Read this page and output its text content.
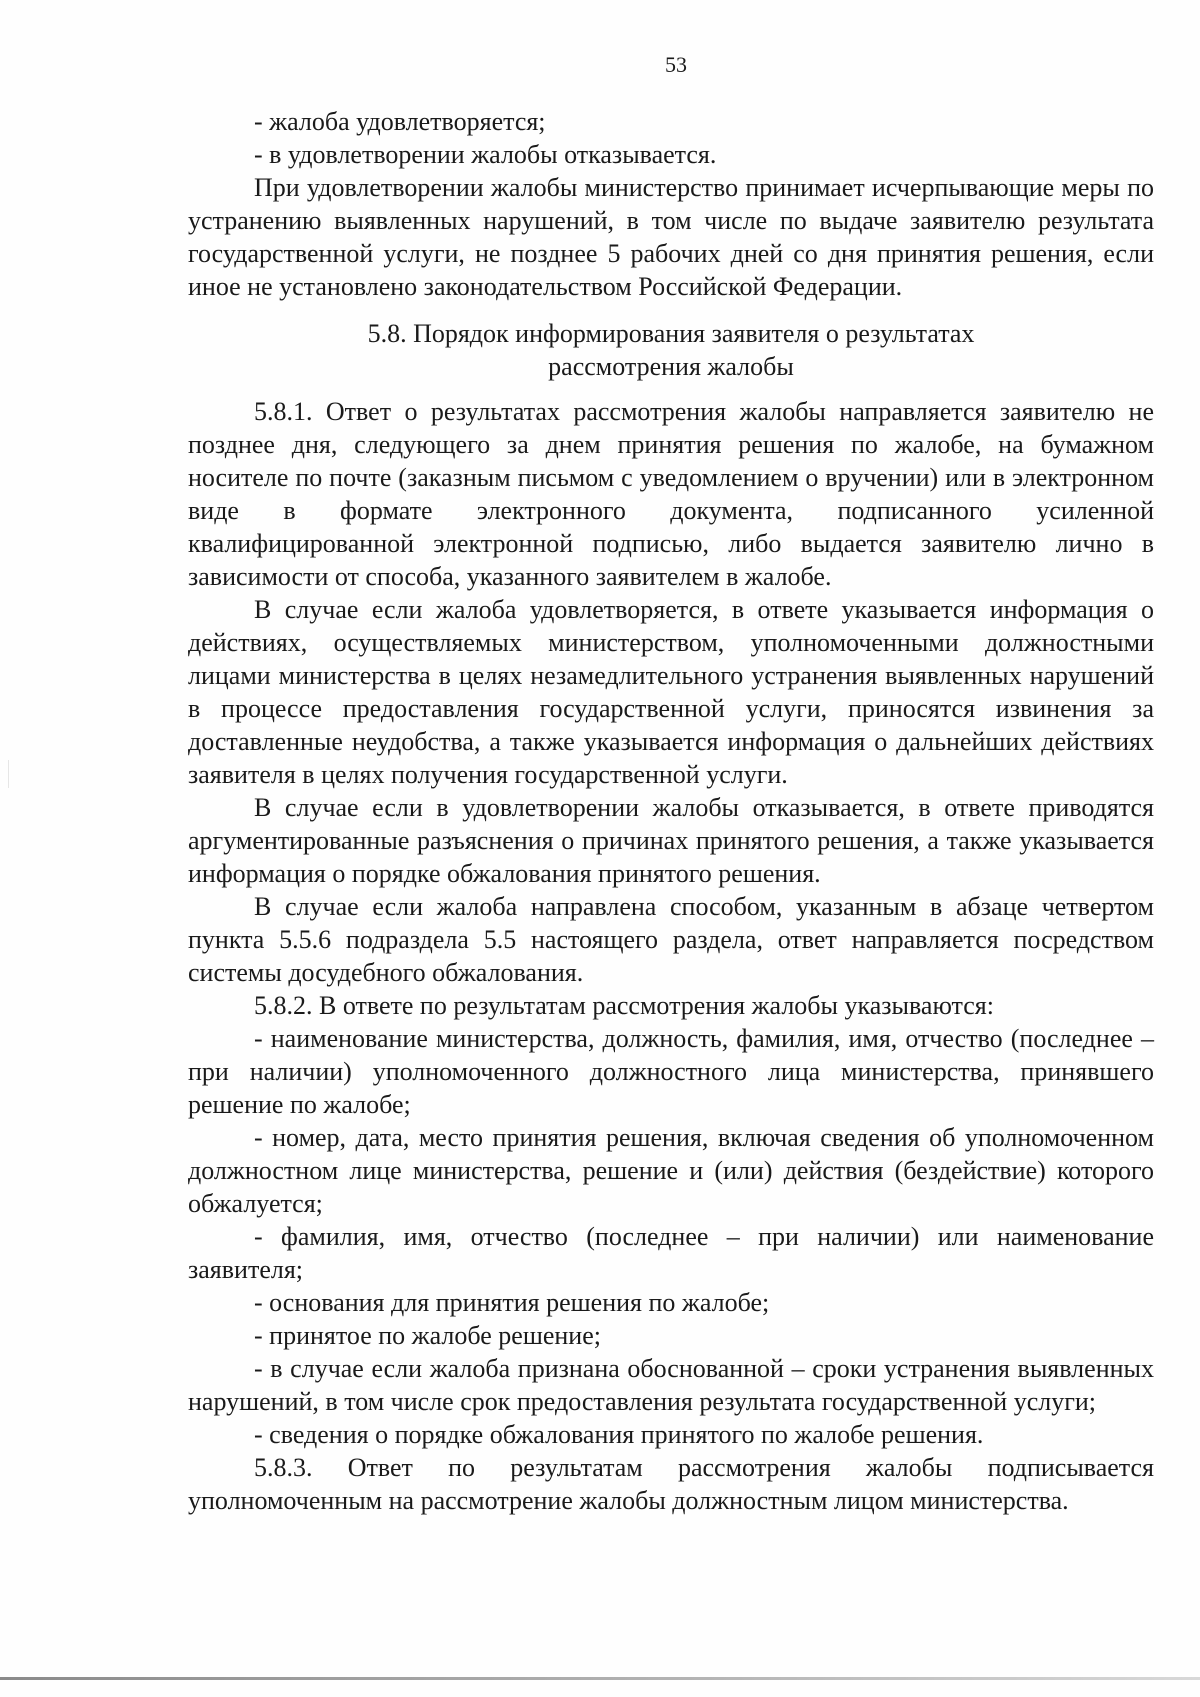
53

- жалоба удовлетворяется;

- в удовлетворении жалобы отказывается.

При удовлетворении жалобы министерство принимает исчерпывающие меры по устранению выявленных нарушений, в том числе по выдаче заявителю результата государственной услуги, не позднее 5 рабочих дней со дня принятия решения, если иное не установлено законодательством Российской Федерации.

5.8. Порядок информирования заявителя о результатах
рассмотрения жалобы

5.8.1. Ответ о результатах рассмотрения жалобы направляется заявителю не позднее дня, следующего за днем принятия решения по жалобе, на бумажном носителе по почте (заказным письмом с уведомлением о вручении) или в электронном виде в формате электронного документа, подписанного усиленной квалифицированной электронной подписью, либо выдается заявителю лично в зависимости от способа, указанного заявителем в жалобе.

В случае если жалоба удовлетворяется, в ответе указывается информация о действиях, осуществляемых министерством, уполномоченными должностными лицами министерства в целях незамедлительного устранения выявленных нарушений в процессе предоставления государственной услуги, приносятся извинения за доставленные неудобства, а также указывается информация о дальнейших действиях заявителя в целях получения государственной услуги.

В случае если в удовлетворении жалобы отказывается, в ответе приводятся аргументированные разъяснения о причинах принятого решения, а также указывается информация о порядке обжалования принятого решения.

В случае если жалоба направлена способом, указанным в абзаце четвертом пункта 5.5.6 подраздела 5.5 настоящего раздела, ответ направляется посредством системы досудебного обжалования.

5.8.2. В ответе по результатам рассмотрения жалобы указываются:

- наименование министерства, должность, фамилия, имя, отчество (последнее – при наличии) уполномоченного должностного лица министерства, принявшего решение по жалобе;

- номер, дата, место принятия решения, включая сведения об уполномоченном должностном лице министерства, решение и (или) действия (бездействие) которого обжалуется;

- фамилия, имя, отчество (последнее – при наличии) или наименование заявителя;

- основания для принятия решения по жалобе;

- принятое по жалобе решение;

- в случае если жалоба признана обоснованной – сроки устранения выявленных нарушений, в том числе срок предоставления результата государственной услуги;

- сведения о порядке обжалования принятого по жалобе решения.

5.8.3. Ответ по результатам рассмотрения жалобы подписывается уполномоченным на рассмотрение жалобы должностным лицом министерства.
